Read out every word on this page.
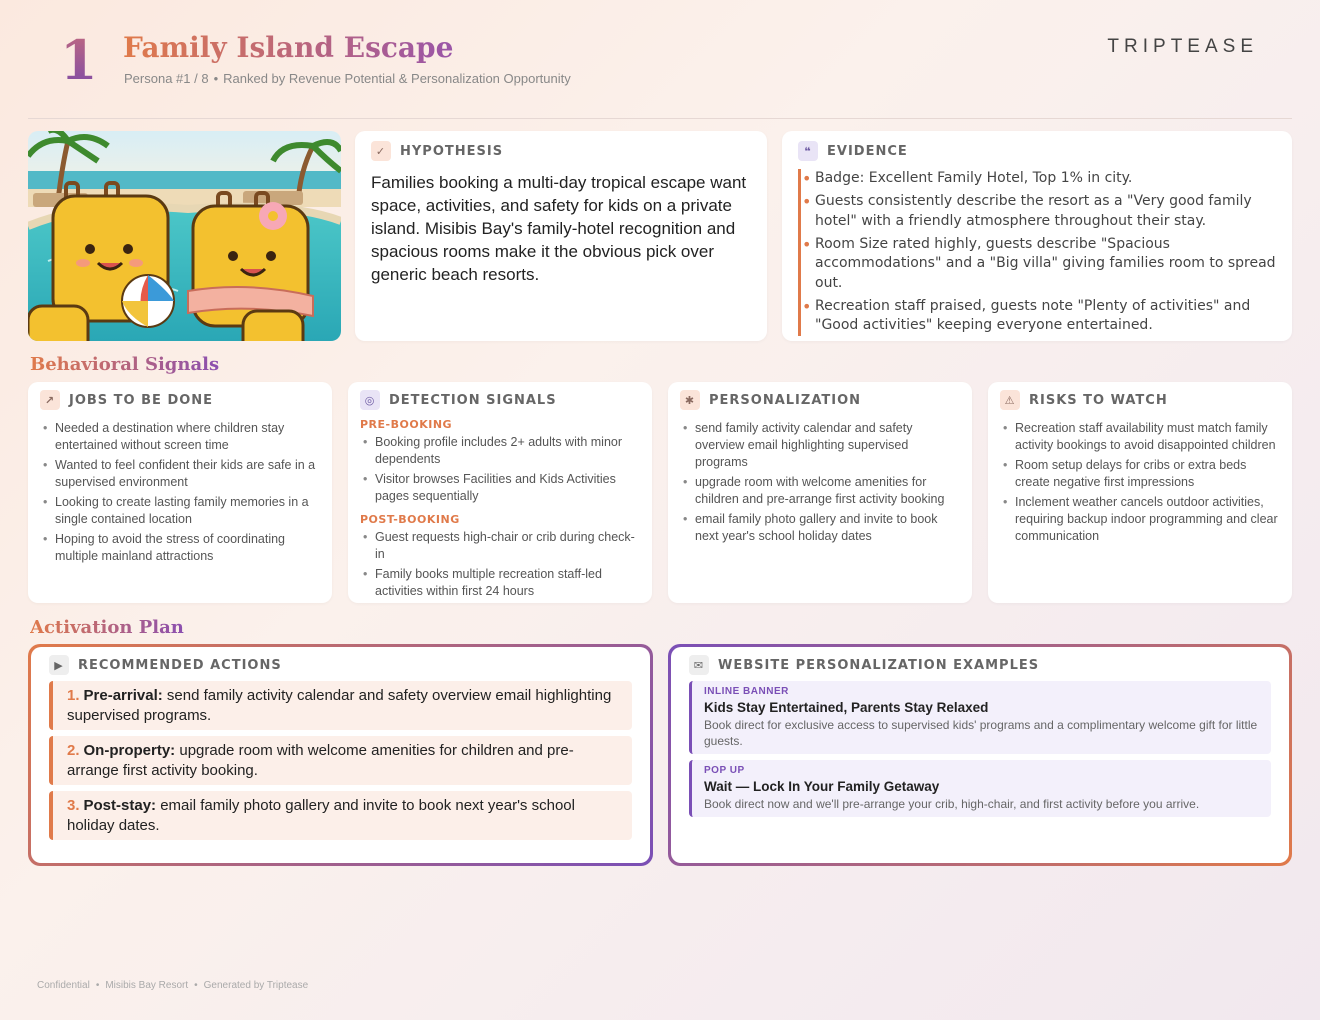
1 Family Island Escape
Persona #1 / 8 • Ranked by Revenue Potential & Personalization Opportunity
TRIPTEASE
✓	HYPOTHESIS
Families booking a multi-day tropical escape want space, activities, and safety for kids on a private island. Misibis Bay's family-hotel recognition and spacious rooms make it the obvious pick over generic beach resorts.
❝	EVIDENCE
• Badge: Excellent Family Hotel, Top 1% in city.
• Guests consistently describe the resort as a "Very good family hotel" with a friendly atmosphere throughout their stay.
• Room Size rated highly, guests describe "Spacious accommodations" and a "Big villa" giving families room to spread out.
• Recreation staff praised, guests note "Plenty of activities" and "Good activities" keeping everyone entertained.
Behavioral Signals
↗	JOBS TO BE DONE
• Needed a destination where children stay entertained without screen time
• Wanted to feel confident their kids are safe in a supervised environment
• Looking to create lasting family memories in a single contained location
• Hoping to avoid the stress of coordinating multiple mainland attractions
◎	DETECTION SIGNALS
PRE-BOOKING
• Booking profile includes 2+ adults with minor dependents
• Visitor browses Facilities and Kids Activities pages sequentially
POST-BOOKING
• Guest requests high-chair or crib during check-in
• Family books multiple recreation staff-led activities within first 24 hours
✱	PERSONALIZATION
• send family activity calendar and safety overview email highlighting supervised programs
• upgrade room with welcome amenities for children and pre-arrange first activity booking
• email family photo gallery and invite to book next year's school holiday dates
⚠	RISKS TO WATCH
• Recreation staff availability must match family activity bookings to avoid disappointed children
• Room setup delays for cribs or extra beds create negative first impressions
• Inclement weather cancels outdoor activities, requiring backup indoor programming and clear communication
Activation Plan
▶	RECOMMENDED ACTIONS
1. Pre-arrival: send family activity calendar and safety overview email highlighting supervised programs.
2. On-property: upgrade room with welcome amenities for children and pre-arrange first activity booking.
3. Post-stay: email family photo gallery and invite to book next year's school holiday dates.
✉	WEBSITE PERSONALIZATION EXAMPLES
INLINE BANNER
Kids Stay Entertained, Parents Stay Relaxed
Book direct for exclusive access to supervised kids' programs and a complimentary welcome gift for little guests.
POP UP
Wait — Lock In Your Family Getaway
Book direct now and we'll pre-arrange your crib, high-chair, and first activity before you arrive.
Confidential • Misibis Bay Resort • Generated by Triptease
